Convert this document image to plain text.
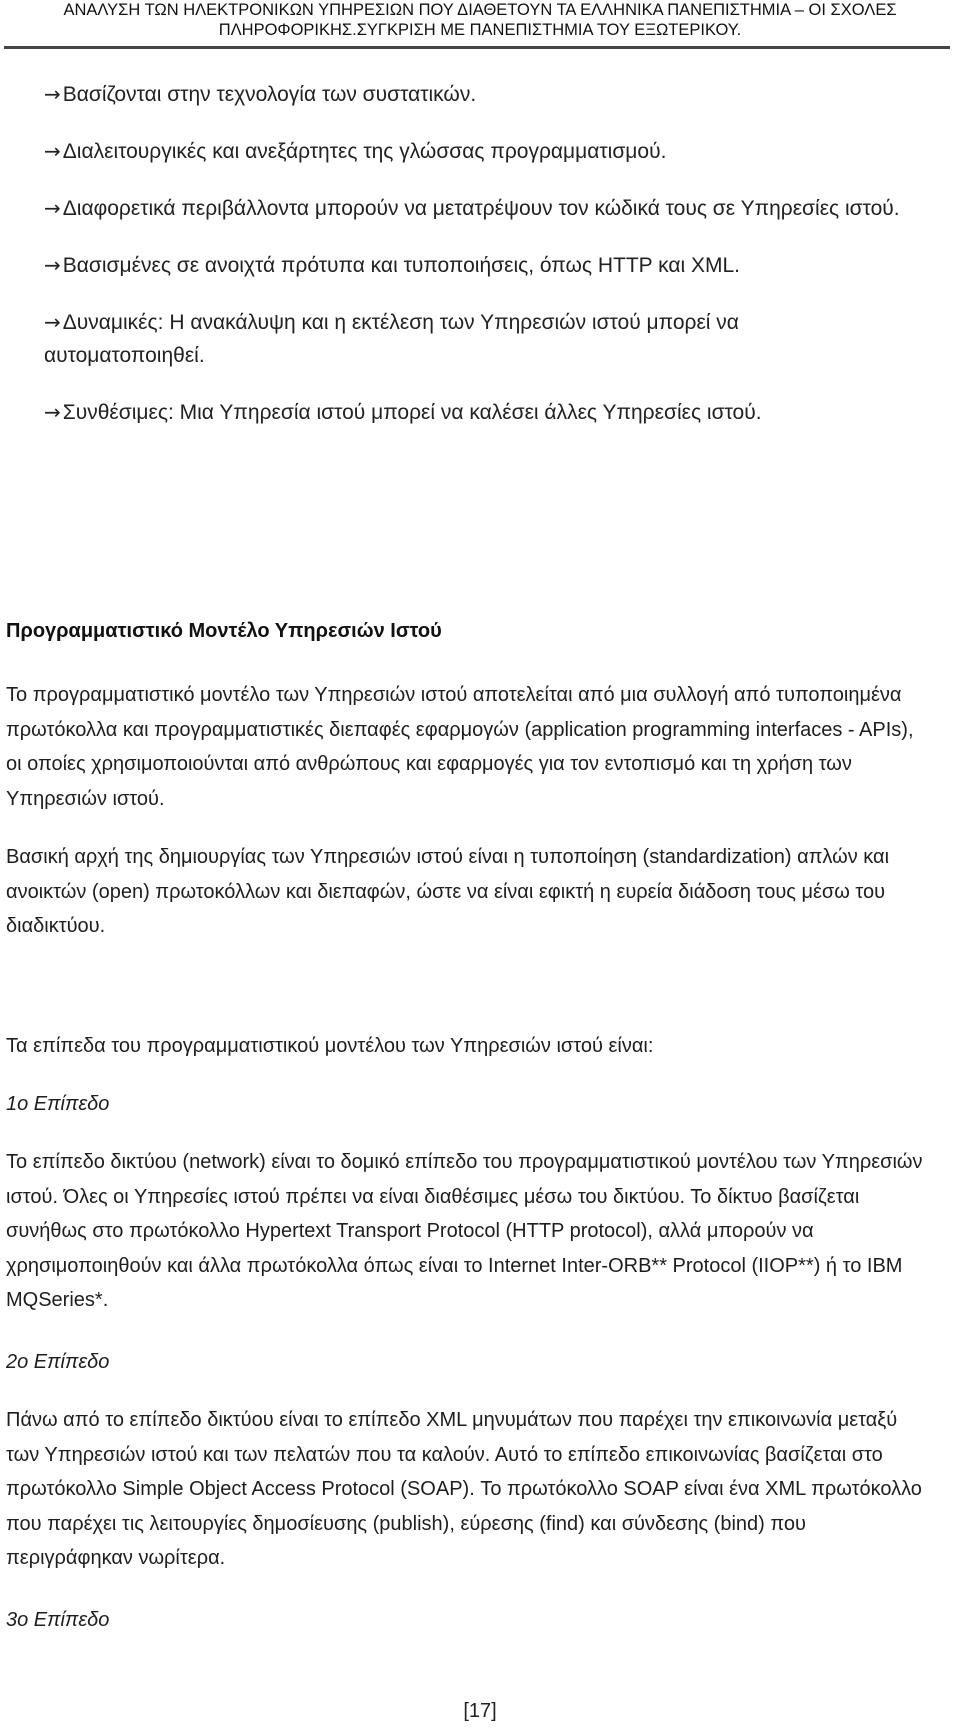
ΑΝΑΛΥΣΗ ΤΩΝ ΗΛΕΚΤΡΟΝΙΚΩΝ ΥΠΗΡΕΣΙΩΝ ΠΟΥ ΔΙΑΘΕΤΟΥΝ ΤΑ ΕΛΛΗΝΙΚΑ ΠΑΝΕΠΙΣΤΗΜΙΑ – ΟΙ ΣΧΟΛΕΣ
ΠΛΗΡΟΦΟΡΙΚΗΣ.ΣΥΓΚΡΙΣΗ ΜΕ ΠΑΝΕΠΙΣΤΗΜΙΑ ΤΟΥ ΕΞΩΤΕΡΙΚΟΥ.
→Βασίζονται στην τεχνολογία των συστατικών.
→Διαλειτουργικές και ανεξάρτητες της γλώσσας προγραμματισμού.
→Διαφορετικά περιβάλλοντα μπορούν να μετατρέψουν τον κώδικά τους σε Υπηρεσίες ιστού.
→Βασισμένες σε ανοιχτά πρότυπα και τυποποιήσεις, όπως HTTP και XML.
→Δυναμικές: Η ανακάλυψη και η εκτέλεση των Υπηρεσιών ιστού μπορεί να αυτοματοποιηθεί.
→Συνθέσιμες: Μια Υπηρεσία ιστού μπορεί να καλέσει άλλες Υπηρεσίες ιστού.
Προγραμματιστικό Μοντέλο Υπηρεσιών Ιστού

Το προγραμματιστικό μοντέλο των Υπηρεσιών ιστού αποτελείται από μια συλλογή από τυποποιημένα πρωτόκολλα και προγραμματιστικές διεπαφές εφαρμογών (application programming interfaces - APIs), οι οποίες χρησιμοποιούνται από ανθρώπους και εφαρμογές για τον εντοπισμό και τη χρήση των Υπηρεσιών ιστού.

Βασική αρχή της δημιουργίας των Υπηρεσιών ιστού είναι η τυποποίηση (standardization) απλών και ανοικτών (open) πρωτοκόλλων και διεπαφών, ώστε να είναι εφικτή η ευρεία διάδοση τους μέσω του διαδικτύου.

Τα επίπεδα του προγραμματιστικού μοντέλου των Υπηρεσιών ιστού είναι:

1ο Επίπεδο

Το επίπεδο δικτύου (network) είναι το δομικό επίπεδο του προγραμματιστικού μοντέλου των Υπηρεσιών ιστού. Όλες οι Υπηρεσίες ιστού πρέπει να είναι διαθέσιμες μέσω του δικτύου. Το δίκτυο βασίζεται συνήθως στο πρωτόκολλο Hypertext Transport Protocol (HTTP protocol), αλλά μπορούν να χρησιμοποιηθούν και άλλα πρωτόκολλα όπως είναι το Internet Inter-ORB** Protocol (IIOP**) ή το IBM MQSeries*.

2ο Επίπεδο

Πάνω από το επίπεδο δικτύου είναι το επίπεδο XML μηνυμάτων που παρέχει την επικοινωνία μεταξύ των Υπηρεσιών ιστού και των πελατών που τα καλούν. Αυτό το επίπεδο επικοινωνίας βασίζεται στο πρωτόκολλο Simple Object Access Protocol (SOAP). Το πρωτόκολλο SOAP είναι ένα XML πρωτόκολλο που παρέχει τις λειτουργίες δημοσίευσης (publish), εύρεσης (find) και σύνδεσης (bind) που περιγράφηκαν νωρίτερα.

3ο Επίπεδο
[17]
